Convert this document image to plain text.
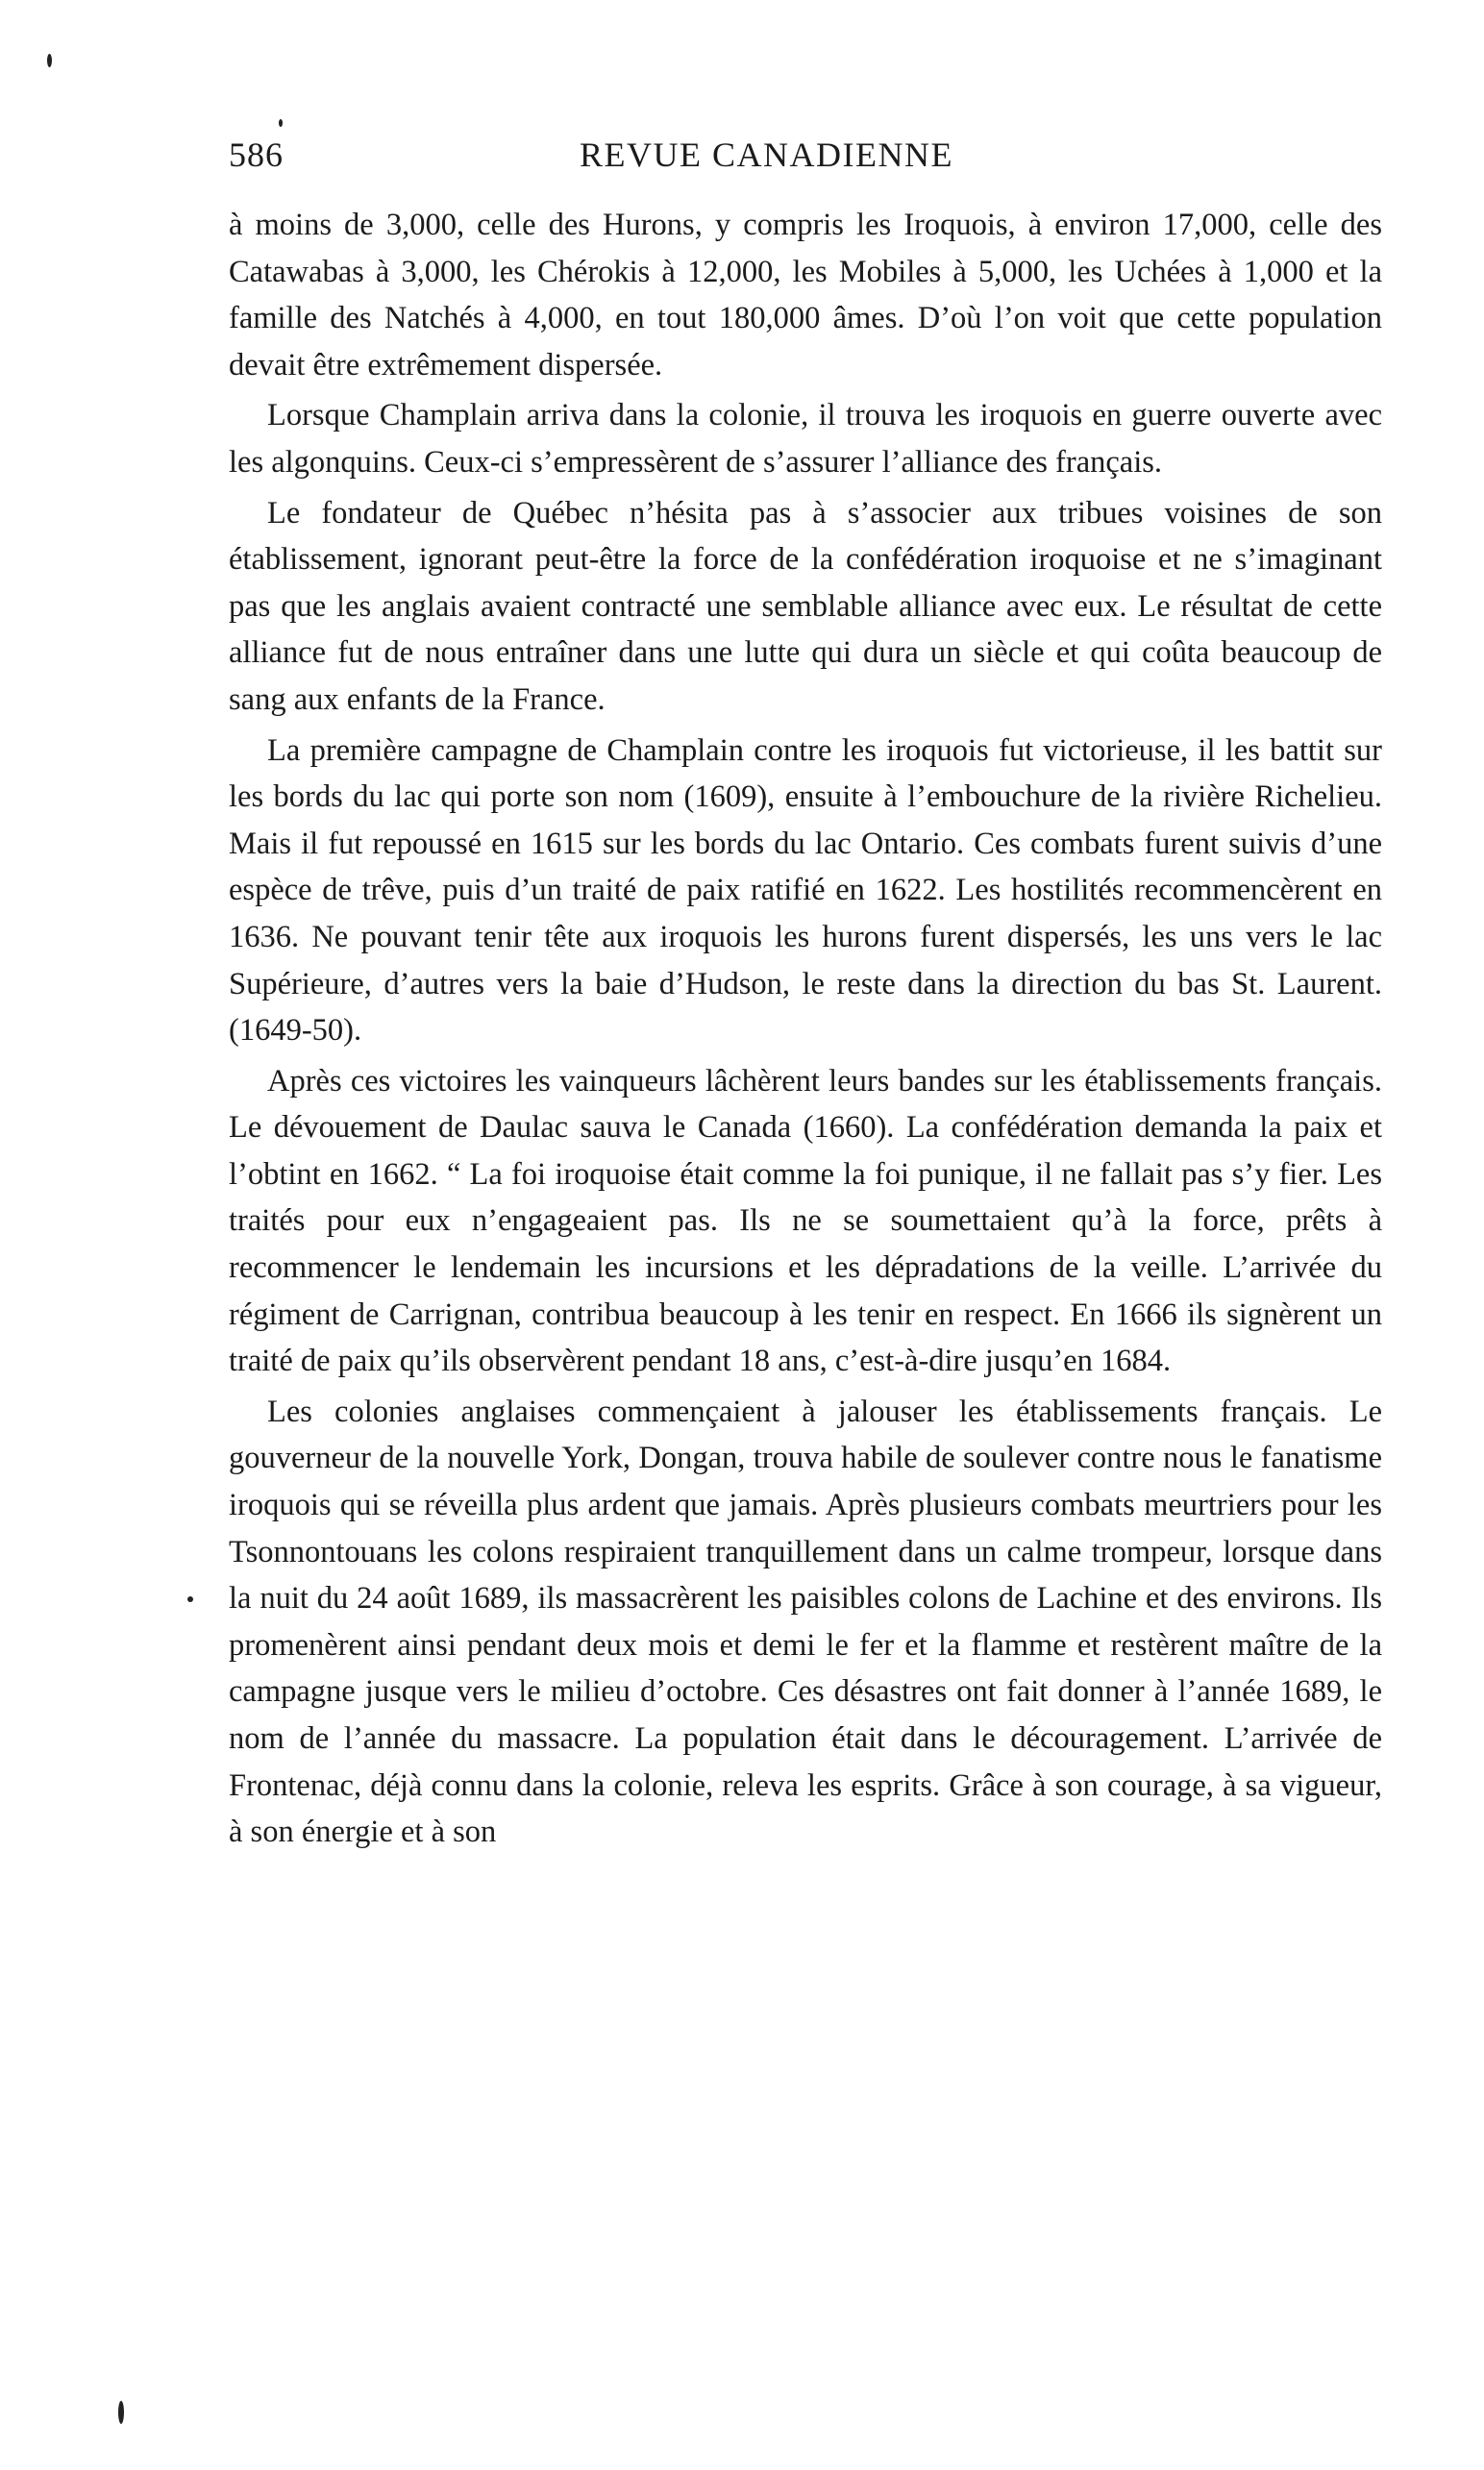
586	REVUE CANADIENNE

à moins de 3,000, celle des Hurons, y compris les Iroquois, à environ 17,000, celle des Catawabas à 3,000, les Chérokis à 12,000, les Mobiles à 5,000, les Uchées à 1,000 et la famille des Natchés à 4,000, en tout 180,000 âmes. D’où l’on voit que cette population devait être extrêmement dispersée.

Lorsque Champlain arriva dans la colonie, il trouva les iroquois en guerre ouverte avec les algonquins. Ceux-ci s’empressèrent de s’assurer l’alliance des français.

Le fondateur de Québec n’hésita pas à s’associer aux tribues voisines de son établissement, ignorant peut-être la force de la confédération iroquoise et ne s’imaginant pas que les anglais avaient contracté une semblable alliance avec eux. Le résultat de cette alliance fut de nous entraîner dans une lutte qui dura un siècle et qui coûta beaucoup de sang aux enfants de la France.

La première campagne de Champlain contre les iroquois fut victorieuse, il les battit sur les bords du lac qui porte son nom (1609), ensuite à l’embouchure de la rivière Richelieu. Mais il fut repoussé en 1615 sur les bords du lac Ontario. Ces combats furent suivis d’une espèce de trêve, puis d’un traité de paix ratifié en 1622. Les hostilités recommencèrent en 1636. Ne pouvant tenir tête aux iroquois les hurons furent dispersés, les uns vers le lac Supérieure, d’autres vers la baie d’Hudson, le reste dans la direction du bas St. Laurent. (1649-50).

Après ces victoires les vainqueurs lâchèrent leurs bandes sur les établissements français. Le dévouement de Daulac sauva le Canada (1660). La confédération demanda la paix et l’obtint en 1662. “ La foi iroquoise était comme la foi punique, il ne fallait pas s’y fier. Les traités pour eux n’engageaient pas. Ils ne se soumettaient qu’à la force, prêts à recommencer le lendemain les incursions et les dépradations de la veille. L’arrivée du régiment de Carrignan, contribua beaucoup à les tenir en respect. En 1666 ils signèrent un traité de paix qu’ils observèrent pendant 18 ans, c’est-à-dire jusqu’en 1684.

Les colonies anglaises commençaient à jalouser les établissements français. Le gouverneur de la nouvelle York, Dongan, trouva habile de soulever contre nous le fanatisme iroquois qui se réveilla plus ardent que jamais. Après plusieurs combats meurtriers pour les Tsonnontouans les colons respiraient tranquillement dans un calme trompeur, lorsque dans la nuit du 24 août 1689, ils massacrèrent les paisibles colons de Lachine et des environs. Ils promenèrent ainsi pendant deux mois et demi le fer et la flamme et restèrent maître de la campagne jusque vers le milieu d’octobre. Ces désastres ont fait donner à l’année 1689, le nom de l’année du massacre. La population était dans le découragement. L’arrivée de Frontenac, déjà connu dans la colonie, releva les esprits. Grâce à son courage, à sa vigueur, à son énergie et à son
